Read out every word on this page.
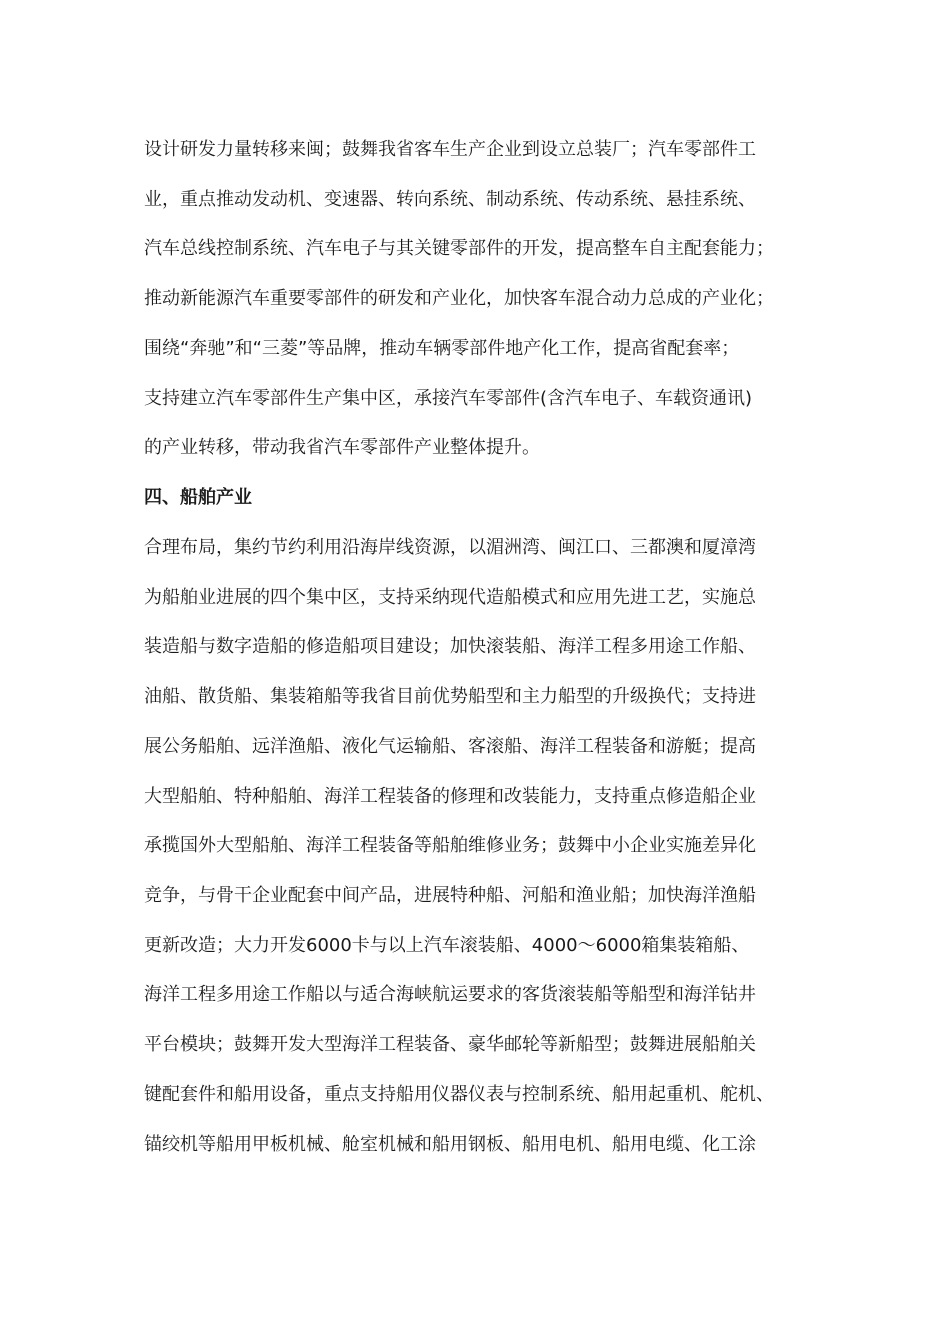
设计研发力量转移来闽；鼓舞我省客车生产企业到设立总装厂；汽车零部件工
业，重点推动发动机、变速器、转向系统、制动系统、传动系统、悬挂系统、
汽车总线控制系统、汽车电子与其关键零部件的开发，提高整车自主配套能力；
推动新能源汽车重要零部件的研发和产业化，加快客车混合动力总成的产业化；
围绕“奔驰”和“三菱”等品牌，推动车辆零部件地产化工作，提高省配套率；
支持建立汽车零部件生产集中区，承接汽车零部件(含汽车电子、车载资通讯)
的产业转移，带动我省汽车零部件产业整体提升。
四、船舶产业
合理布局，集约节约利用沿海岸线资源，以湄洲湾、闽江口、三都澳和厦漳湾
为船舶业进展的四个集中区，支持采纳现代造船模式和应用先进工艺，实施总
装造船与数字造船的修造船项目建设；加快滚装船、海洋工程多用途工作船、
油船、散货船、集装箱船等我省目前优势船型和主力船型的升级换代；支持进
展公务船舶、远洋渔船、液化气运输船、客滚船、海洋工程装备和游艇；提高
大型船舶、特种船舶、海洋工程装备的修理和改装能力，支持重点修造船企业
承揽国外大型船舶、海洋工程装备等船舶维修业务；鼓舞中小企业实施差异化
竞争，与骨干企业配套中间产品，进展特种船、河船和渔业船；加快海洋渔船
更新改造；大力开发6000卡与以上汽车滚装船、4000～6000箱集装箱船、
海洋工程多用途工作船以与适合海峡航运要求的客货滚装船等船型和海洋钻井
平台模块；鼓舞开发大型海洋工程装备、豪华邮轮等新船型；鼓舞进展船舶关
键配套件和船用设备，重点支持船用仪器仪表与控制系统、船用起重机、舵机、
锚绞机等船用甲板机械、舱室机械和船用钢板、船用电机、船用电缆、化工涂
